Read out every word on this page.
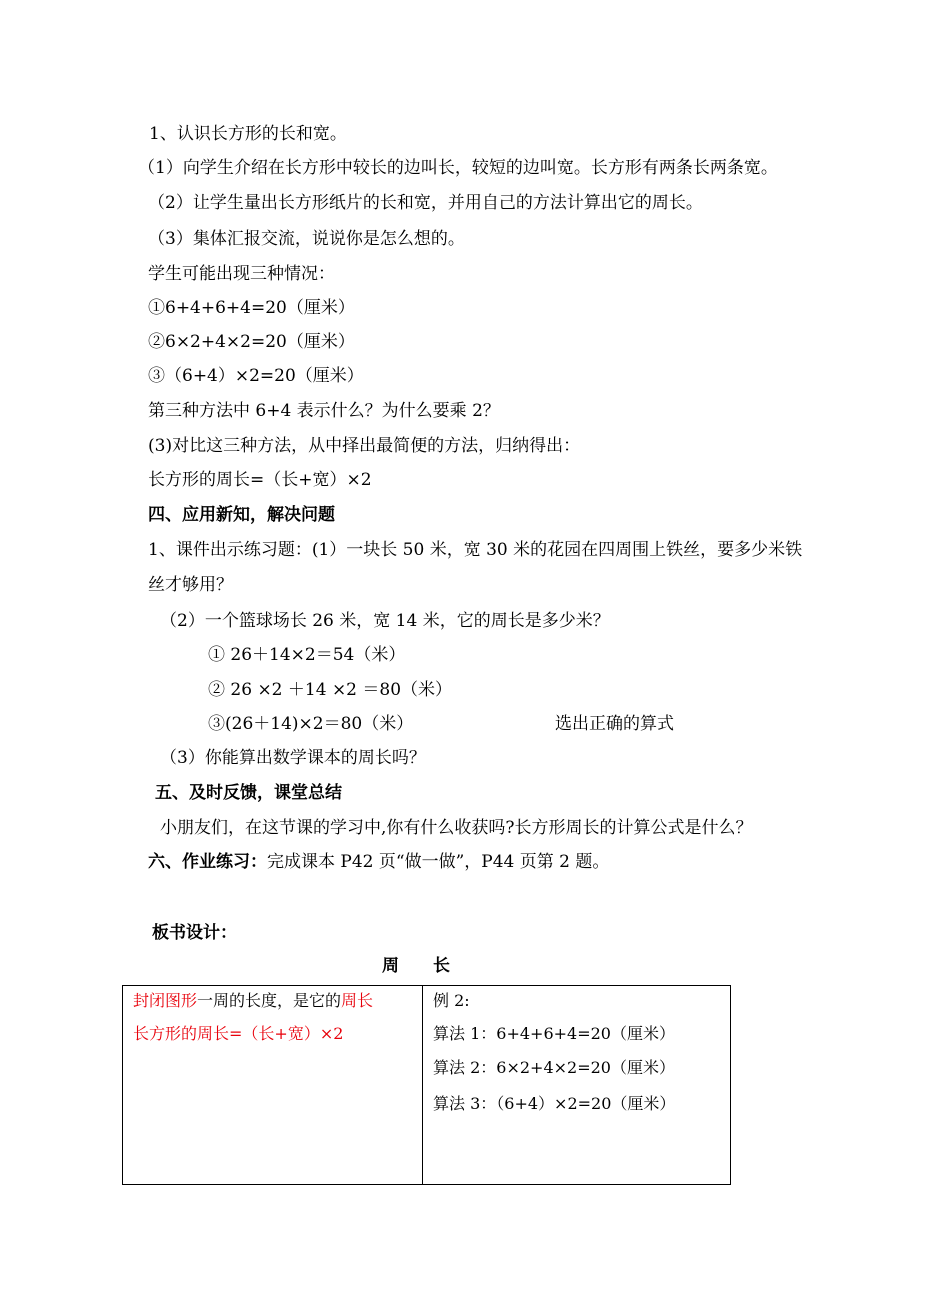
1、认识长方形的长和宽。
（1）向学生介绍在长方形中较长的边叫长，较短的边叫宽。长方形有两条长两条宽。
（2）让学生量出长方形纸片的长和宽，并用自己的方法计算出它的周长。
（3）集体汇报交流，说说你是怎么想的。
学生可能出现三种情况：
①6+4+6+4=20（厘米）
②6×2+4×2=20（厘米）
③（6+4）×2=20（厘米）
第三种方法中 6+4 表示什么？为什么要乘 2？
(3)对比这三种方法，从中择出最简便的方法，归纳得出：
长方形的周长=（长+宽）×2
四、应用新知，解决问题
1、课件出示练习题：(1）一块长 50 米，宽 30 米的花园在四周围上铁丝，要多少米铁
丝才够用？
（2）一个篮球场长 26 米，宽 14 米，它的周长是多少米？
① 26＋14×2＝54（米）
② 26 ×2 ＋14 ×2 ＝80（米）
③(26＋14)×2＝80（米）	选出正确的算式
（3）你能算出数学课本的周长吗？
五、及时反馈，课堂总结
小朋友们，在这节课的学习中,你有什么收获吗?长方形周长的计算公式是什么？
六、作业练习：完成课本 P42 页“做一做”，P44 页第 2 题。
板书设计：
周　　长
封闭图形一周的长度，是它的周长
长方形的周长=（长+宽）×2
例 2:
算法 1：6+4+6+4=20（厘米）
算法 2：6×2+4×2=20（厘米）
算法 3：（6+4）×2=20（厘米）
